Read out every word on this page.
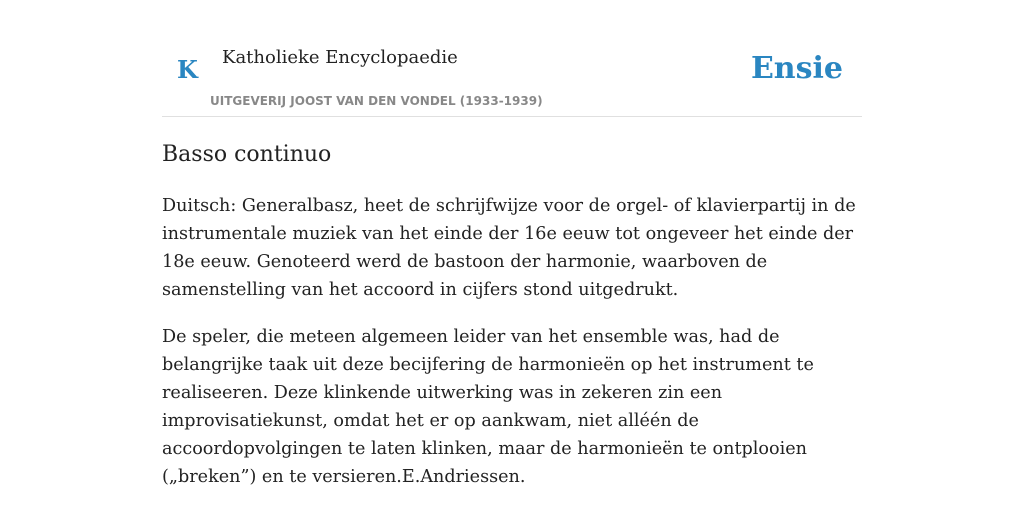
K Katholieke Encyclopaedie
UITGEVERIJ JOOST VAN DEN VONDEL (1933-1939)
Ensie
Basso continuo

Duitsch: Generalbasz, heet de schrijfwijze voor de orgel- of klavierpartij in de instrumentale muziek van het einde der 16e eeuw tot ongeveer het einde der 18e eeuw. Genoteerd werd de bastoon der harmonie, waarboven de samenstelling van het accoord in cijfers stond uitgedrukt.

De speler, die meteen algemeen leider van het ensemble was, had de belangrijke taak uit deze becijfering de harmonieën op het instrument te realiseeren. Deze klinkende uitwerking was in zekeren zin een improvisatiekunst, omdat het er op aankwam, niet alléén de accoordopvolgingen te laten klinken, maar de harmonieën te ontplooien („breken”) en te versieren.E.Andriessen.
